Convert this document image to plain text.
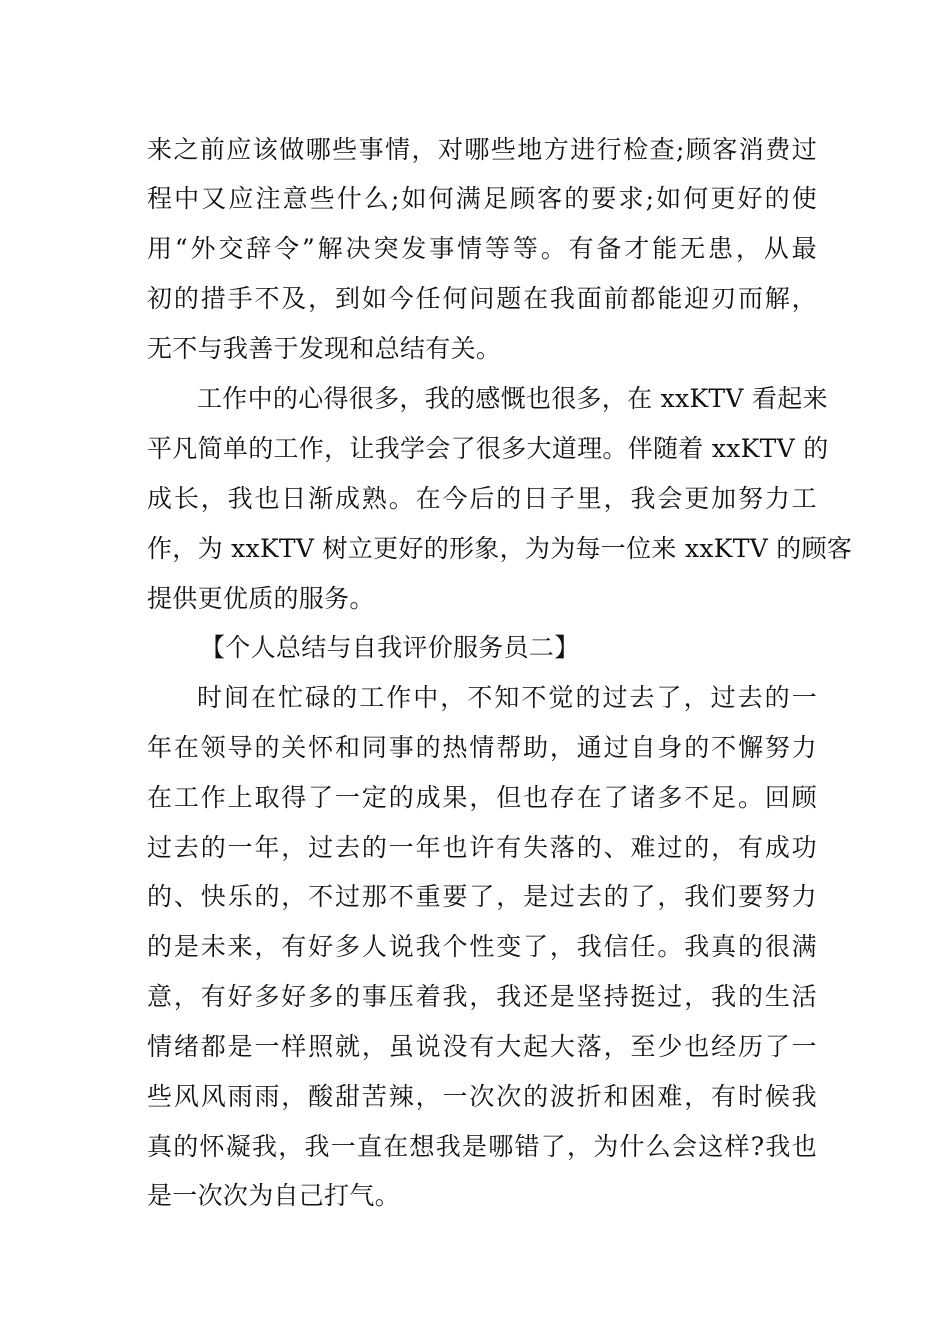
来之前应该做哪些事情，对哪些地方进行检查;顾客消费过
程中又应注意些什么;如何满足顾客的要求;如何更好的使
用“外交辞令”解决突发事情等等。有备才能无患，从最
初的措手不及，到如今任何问题在我面前都能迎刃而解，
无不与我善于发现和总结有关。
工作中的心得很多，我的感慨也很多，在 xxKTV 看起来
平凡简单的工作，让我学会了很多大道理。伴随着 xxKTV 的
成长，我也日渐成熟。在今后的日子里，我会更加努力工
作，为 xxKTV 树立更好的形象，为为每一位来 xxKTV 的顾客
提供更优质的服务。
【个人总结与自我评价服务员二】
时间在忙碌的工作中，不知不觉的过去了，过去的一
年在领导的关怀和同事的热情帮助，通过自身的不懈努力
在工作上取得了一定的成果，但也存在了诸多不足。回顾
过去的一年，过去的一年也许有失落的、难过的，有成功
的、快乐的，不过那不重要了，是过去的了，我们要努力
的是未来，有好多人说我个性变了，我信任。我真的很满
意，有好多好多的事压着我，我还是坚持挺过，我的生活
情绪都是一样照就，虽说没有大起大落，至少也经历了一
些风风雨雨，酸甜苦辣，一次次的波折和困难，有时候我
真的怀凝我，我一直在想我是哪错了，为什么会这样?我也
是一次次为自己打气。
